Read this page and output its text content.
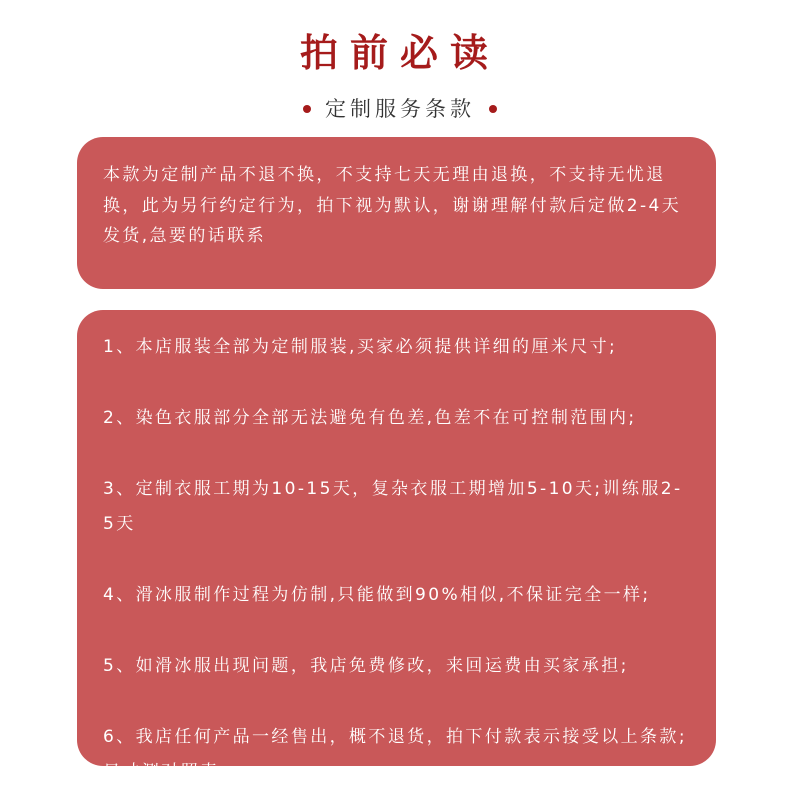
拍前必读
定制服务条款
本款为定制产品不退不换，不支持七天无理由退换，不支持无忧退换，此为另行约定行为，拍下视为默认，谢谢理解付款后定做2-4天发货,急要的话联系

1、本店服装全部为定制服装,买家必须提供详细的厘米尺寸;

2、染色衣服部分全部无法避免有色差,色差不在可控制范围内;

3、定制衣服工期为10-15天，复杂衣服工期增加5-10天;训练服2-5天

4、滑冰服制作过程为仿制,只能做到90%相似,不保证完全一样;

5、如滑冰服出现问题，我店免费修改，来回运费由买家承担;

6、我店任何产品一经售出，概不退货，拍下付款表示接受以上条款;尺寸测对照表
